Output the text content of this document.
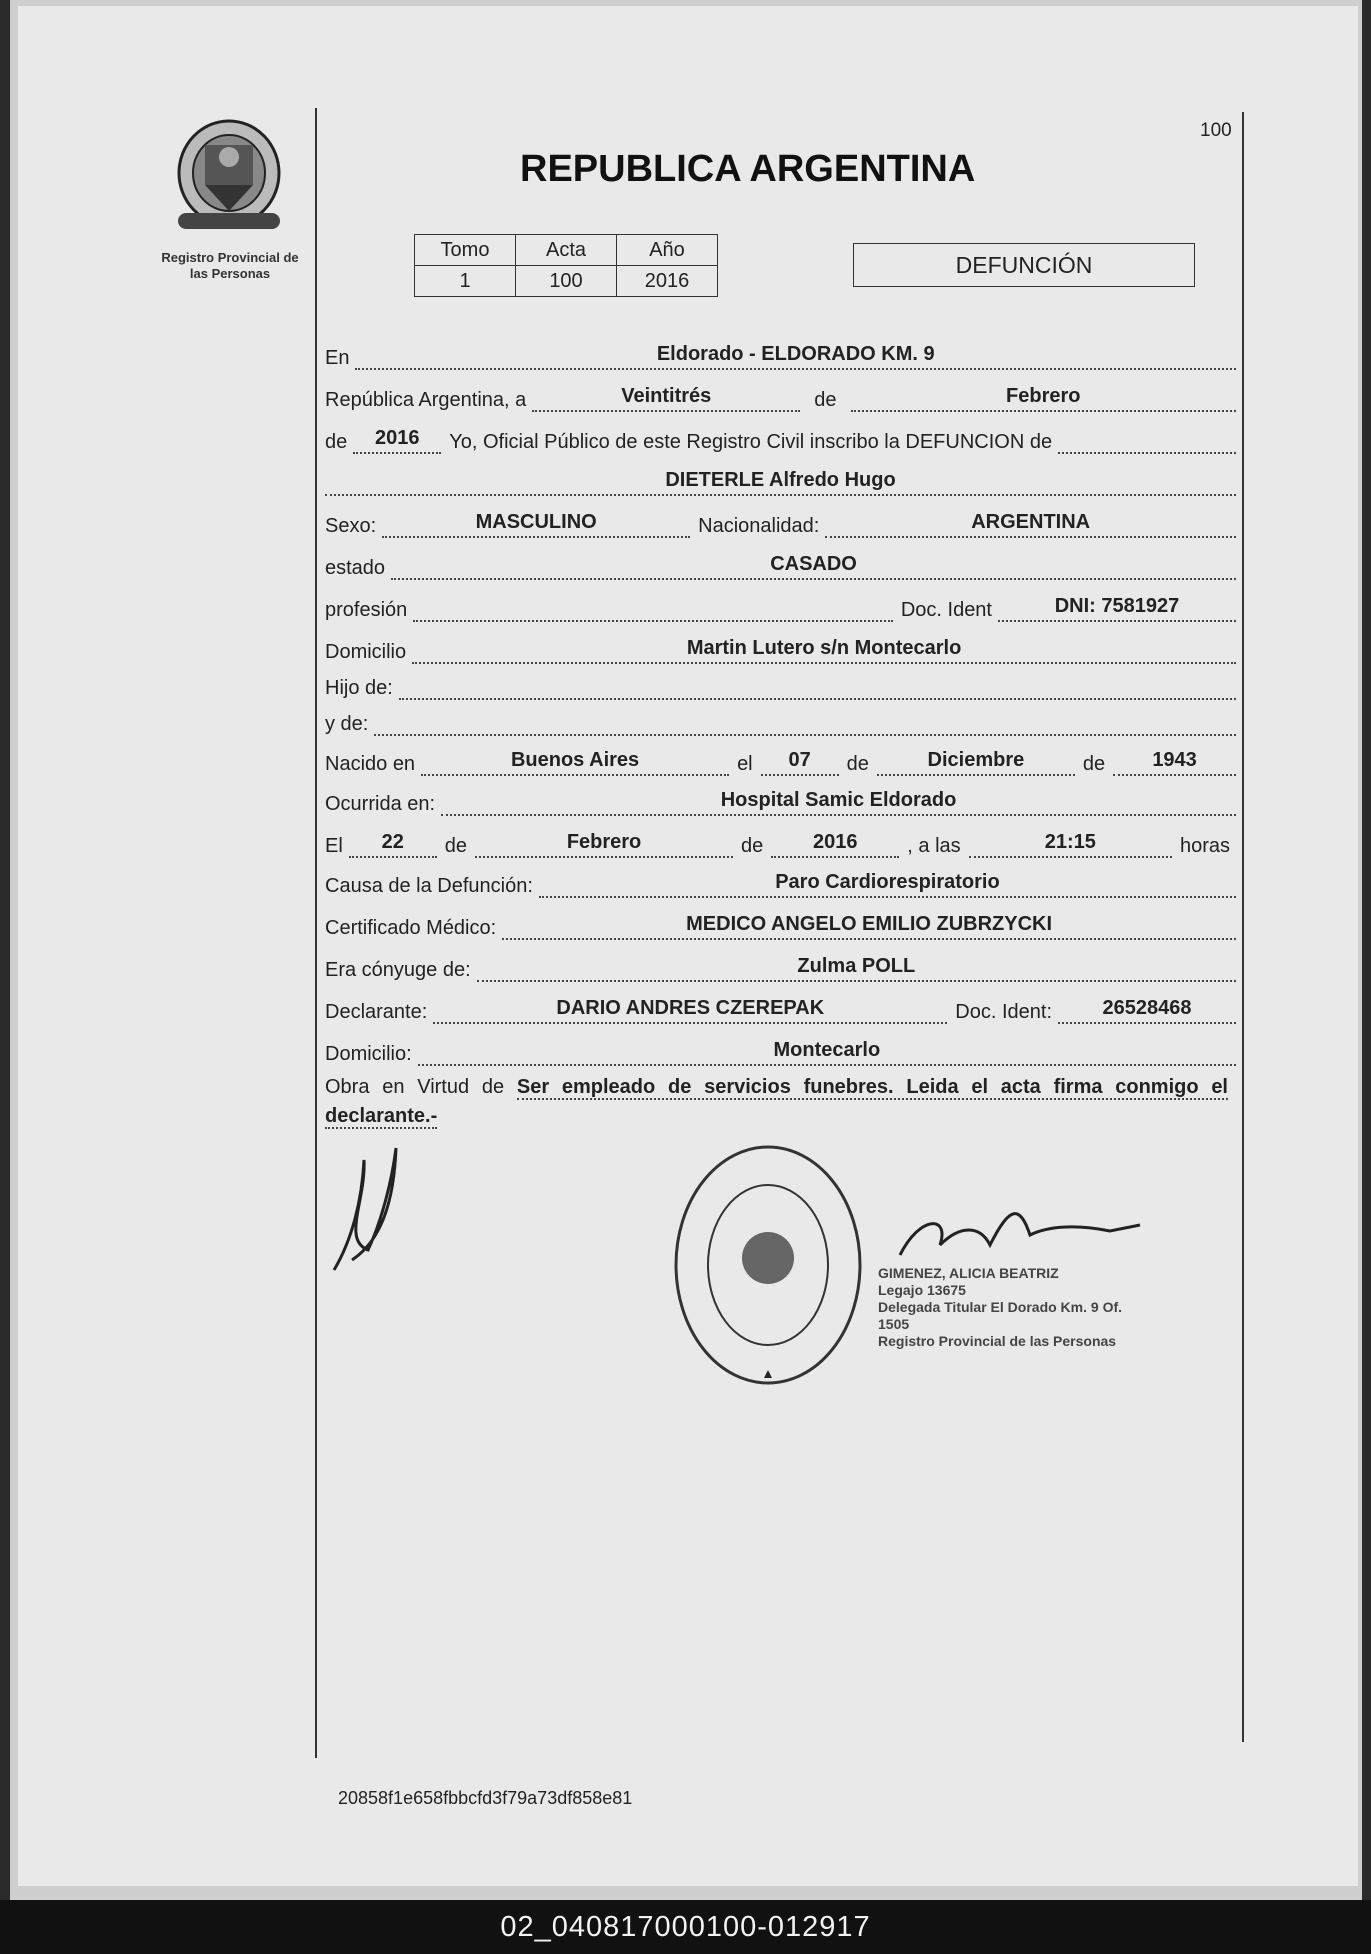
Registro Provincial de
las Personas
100
REPUBLICA ARGENTINA
Tomo	Acta	Año
1	100	2016
DEFUNCIÓN
En	Eldorado - ELDORADO KM. 9
República Argentina, a	Veintitrés	de	Febrero
de	2016	Yo, Oficial Público de este Registro Civil inscribo la DEFUNCION de
DIETERLE Alfredo Hugo
Sexo:	MASCULINO	Nacionalidad:	ARGENTINA
estado	CASADO
profesión	Doc. Ident	DNI: 7581927
Domicilio	Martin Lutero s/n Montecarlo
Hijo de:
y de:
Nacido en	Buenos Aires	el	07	de	Diciembre	de	1943
Ocurrida en:	Hospital Samic Eldorado
El	22	de	Febrero	de	2016	, a las	21:15	horas
Causa de la Defunción:	Paro Cardiorespiratorio
Certificado Médico:	MEDICO ANGELO EMILIO ZUBRZYCKI
Era cónyuge de:	Zulma POLL
Declarante:	DARIO ANDRES CZEREPAK	Doc. Ident:	26528468
Domicilio:	Montecarlo
Obra en Virtud de Ser empleado de servicios funebres. Leida el acta firma conmigo el declarante.-
GIMENEZ, ALICIA BEATRIZ
Legajo 13675
Delegada Titular El Dorado Km. 9 Of. 1505
Registro Provincial de las Personas
20858f1e658fbbcfd3f79a73df858e81
02_040817000100-012917
